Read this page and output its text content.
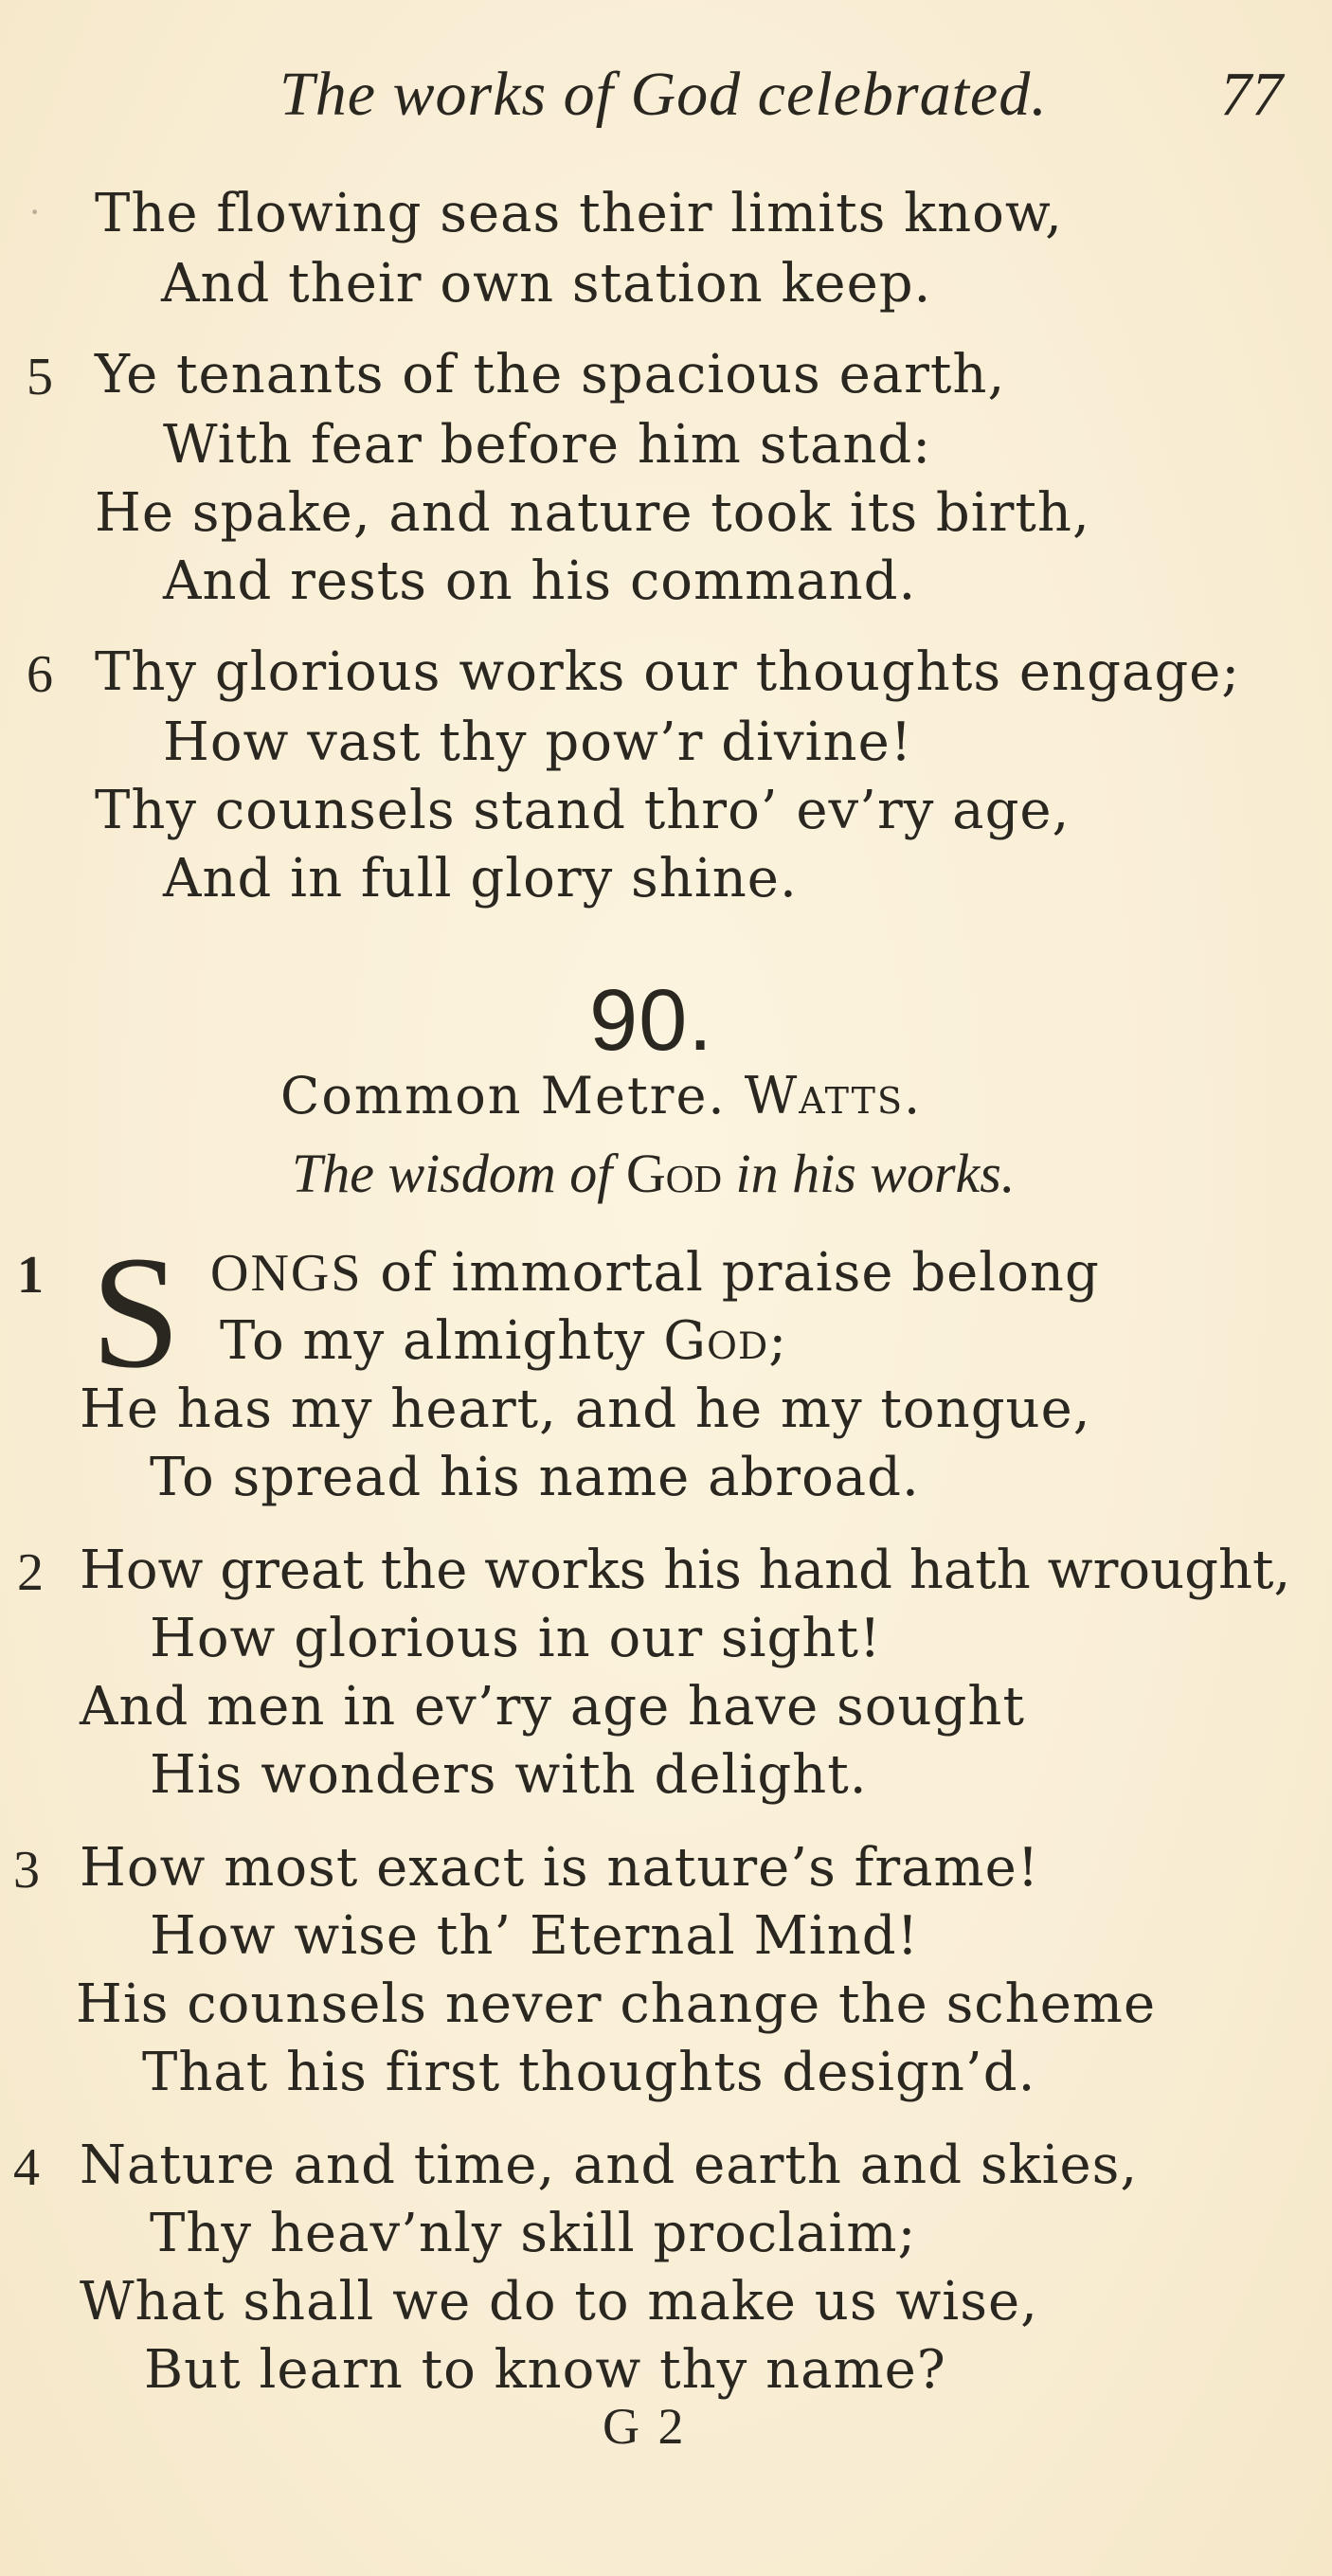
The works of God celebrated.	77
· The flowing seas their limits know,
And their own station keep.
5 Ye tenants of the spacious earth,
With fear before him stand:
He spake, and nature took its birth,
And rests on his command.
6 Thy glorious works our thoughts engage;
How vast thy pow’r divine!
Thy counsels stand thro’ ev’ry age,
And in full glory shine.
90.
Common Metre. Watts.
The wisdom of God in his works.
1 S ONGS of immortal praise belong
To my almighty God;
He has my heart, and he my tongue,
To spread his name abroad.
2 How great the works his hand hath wrought,
How glorious in our sight!
And men in ev’ry age have sought
His wonders with delight.
3 How most exact is nature’s frame!
How wise th’ Eternal Mind!
His counsels never change the scheme
That his first thoughts design’d.
4 Nature and time, and earth and skies,
Thy heav’nly skill proclaim;
What shall we do to make us wise,
But learn to know thy name?
G 2
